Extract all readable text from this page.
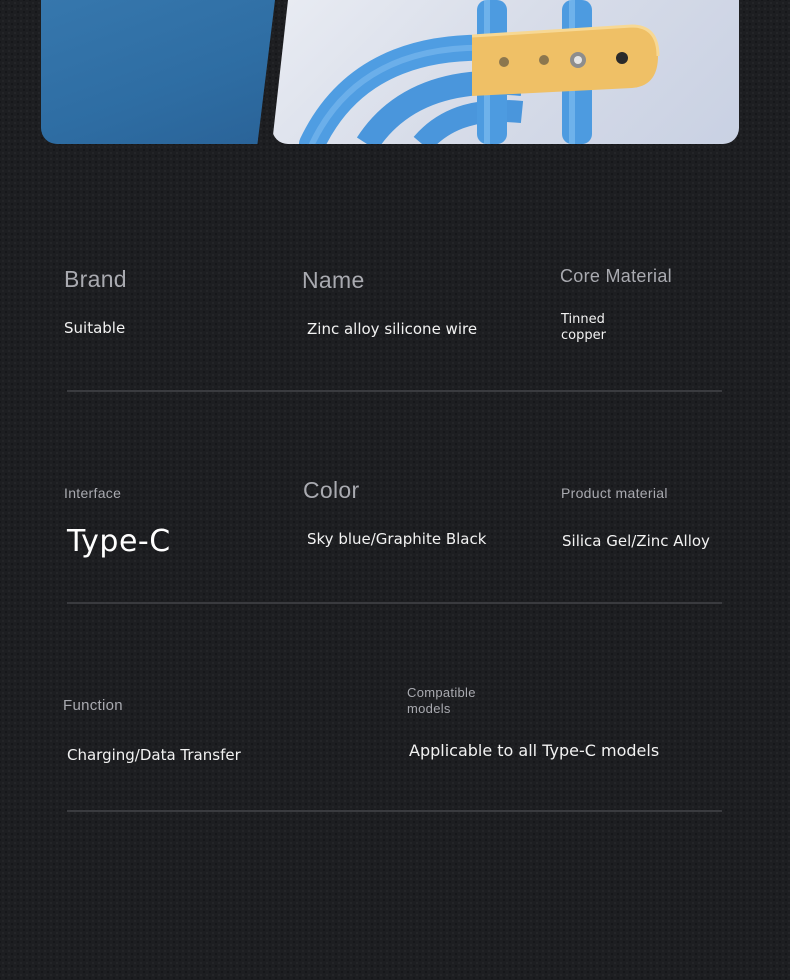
Brand
Suitable
Name
Zinc alloy silicone wire
Core Material
Tinned
copper
Interface
Type-C
Color
Sky blue/Graphite Black
Product material
Silica Gel/Zinc Alloy
Function
Charging/Data Transfer
Compatible
models
Applicable to all Type-C models
